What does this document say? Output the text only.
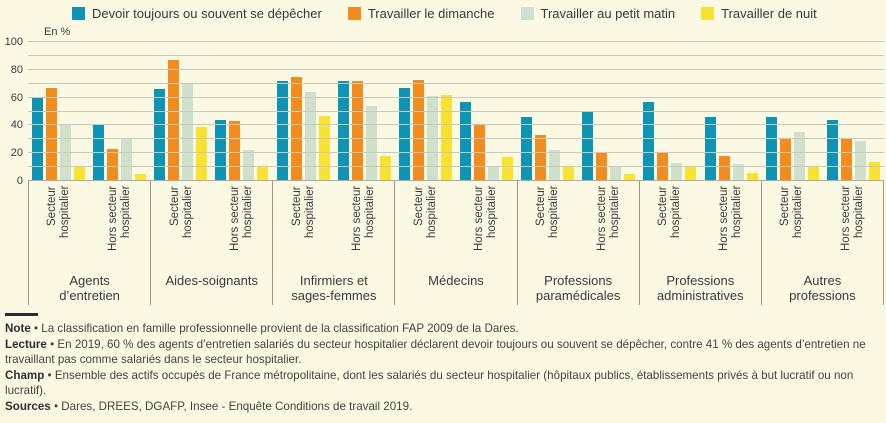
Devoir toujours ou souvent se dépêcher	Travailler le dimanche	Travailler au petit matin	Travailler de nuit
En %
0
20
40
60
80
100
Secteur hospitalier	Hors secteur hospitalier
Agents d’entretien
Secteur hospitalier	Hors secteur hospitalier
Aides-soignants
Secteur hospitalier	Hors secteur hospitalier
Infirmiers et sages-femmes
Secteur hospitalier	Hors secteur hospitalier
Médecins
Secteur hospitalier	Hors secteur hospitalier
Professions paramédicales
Secteur hospitalier	Hors secteur hospitalier
Professions administratives
Secteur hospitalier	Hors secteur hospitalier
Autres professions

Note • La classification en famille professionnelle provient de la classification FAP 2009 de la Dares.

Lecture • En 2019, 60 % des agents d’entretien salariés du secteur hospitalier déclarent devoir toujours ou souvent se dépêcher, contre 41 % des agents d’entretien ne travaillant pas comme salariés dans le secteur hospitalier.

Champ • Ensemble des actifs occupés de France métropolitaine, dont les salariés du secteur hospitalier (hôpitaux publics, établissements privés à but lucratif ou non lucratif).

Sources • Dares, DREES, DGAFP, Insee - Enquête Conditions de travail 2019.
